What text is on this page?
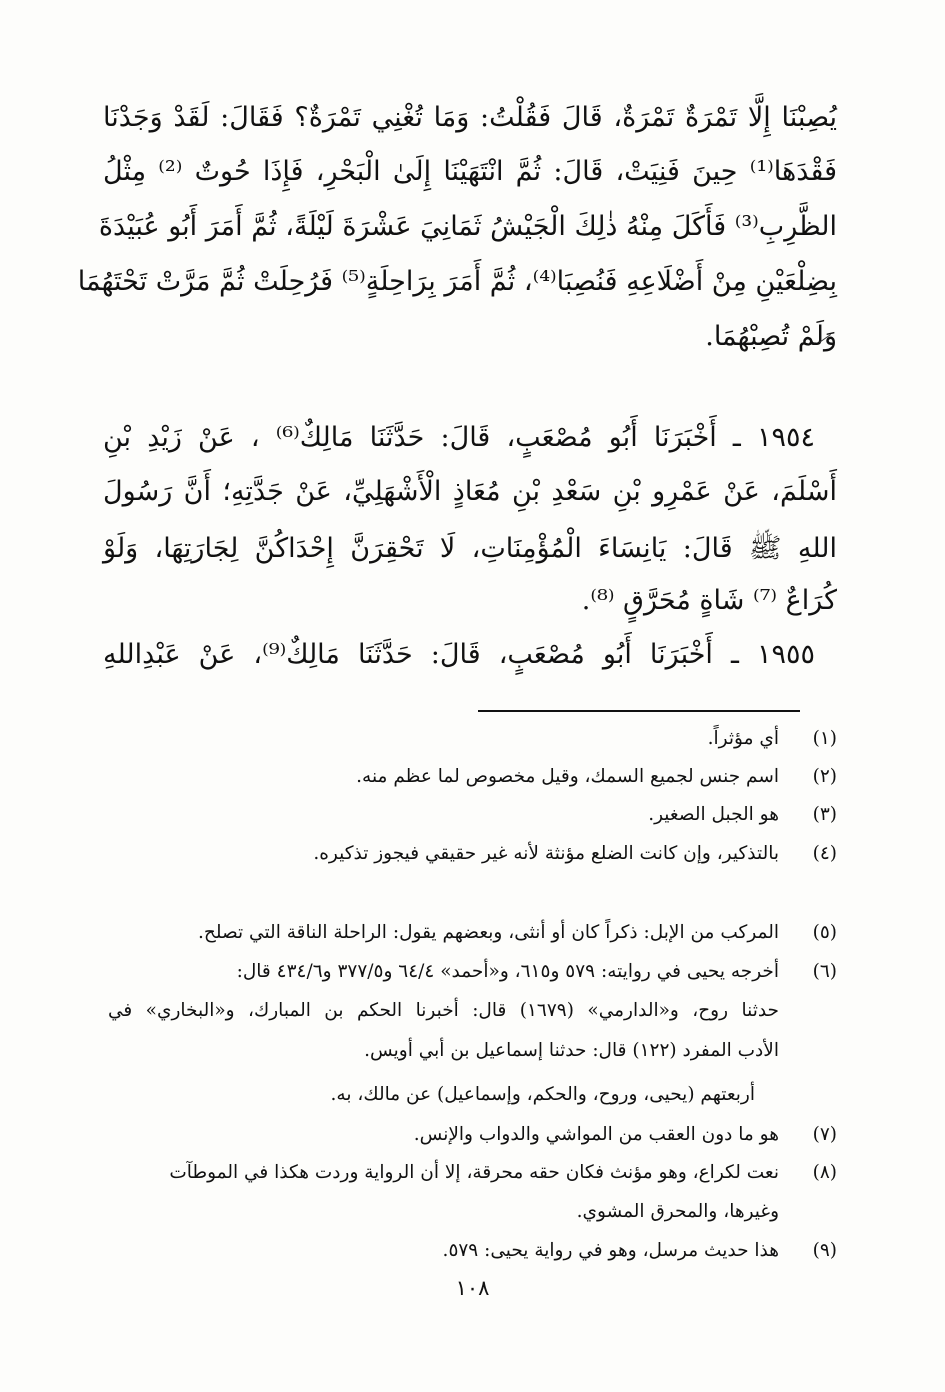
يُصِبْنَا إِلَّا تَمْرَةٌ تَمْرَةٌ، قَالَ فَقُلْتُ: وَمَا تُغْنِي تَمْرَةٌ؟ فَقَالَ: لَقَدْ وَجَدْنَا
فَقْدَهَا⁽¹⁾ حِينَ فَنِيَتْ، قَالَ: ثُمَّ انْتَهَيْنَا إِلَىٰ الْبَحْرِ، فَإِذَا حُوتٌ ⁽²⁾ مِثْلُ
الظَّرِبِ⁽³⁾ فَأَكَلَ مِنْهُ ذٰلِكَ الْجَيْشُ ثَمَانِيَ عَشْرَةَ لَيْلَةً، ثُمَّ أَمَرَ أَبُو عُبَيْدَةَ
بِضِلْعَيْنِ مِنْ أَضْلَاعِهِ فَنُصِبَا⁽⁴⁾، ثُمَّ أَمَرَ بِرَاحِلَةٍ⁽⁵⁾ فَرُحِلَتْ ثُمَّ مَرَّتْ تَحْتَهُمَا
وَلَمْ تُصِبْهُمَا.
١٩٥٤ ـ أَخْبَرَنَا أَبُو مُصْعَبٍ، قَالَ: حَدَّثَنَا مَالِكٌ⁽⁶⁾ ، عَنْ زَيْدِ بْنِ
أَسْلَمَ، عَنْ عَمْرِو بْنِ سَعْدِ بْنِ مُعَاذٍ الْأَشْهَلِيِّ، عَنْ جَدَّتِهِ؛ أَنَّ رَسُولَ
اللهِ ﷺ قَالَ: يَانِسَاءَ الْمُؤْمِنَاتِ، لَا تَحْقِرَنَّ إِحْدَاكُنَّ لِجَارَتِهَا، وَلَوْ
كُرَاعٌ ⁽⁷⁾ شَاةٍ مُحَرَّقٍ ⁽⁸⁾.
١٩٥٥ ـ أَخْبَرَنَا أَبُو مُصْعَبٍ، قَالَ: حَدَّثَنَا مَالِكٌ⁽⁹⁾، عَنْ عَبْدِاللهِ
(١)
أي مؤثراً.
(٢)
اسم جنس لجميع السمك، وقيل مخصوص لما عظم منه.
(٣)
هو الجبل الصغير.
(٤)
بالتذكير، وإن كانت الضلع مؤنثة لأنه غير حقيقي فيجوز تذكيره.
(٥)
المركب من الإبل: ذكراً كان أو أنثى، وبعضهم يقول: الراحلة الناقة التي تصلح.
(٦)
أخرجه يحيى في روايته: ٥٧٩ و٦١٥، و«أحمد» ٦٤/٤ و٣٧٧/٥ و٤٣٤/٦ قال:
حدثنا روح، و«الدارمي» (١٦٧٩) قال: أخبرنا الحكم بن المبارك، و«البخاري» في
الأدب المفرد (١٢٢) قال: حدثنا إسماعيل بن أبي أويس.
أربعتهم (يحيى، وروح، والحكم، وإسماعيل) عن مالك، به.
(٧)
هو ما دون العقب من المواشي والدواب والإنس.
(٨)
نعت لكراع، وهو مؤنث فكان حقه محرقة، إلا أن الرواية وردت هكذا في الموطآت
وغيرها، والمحرق المشوي.
(٩)
هذا حديث مرسل، وهو في رواية يحيى: ٥٧٩.
١٠٨
